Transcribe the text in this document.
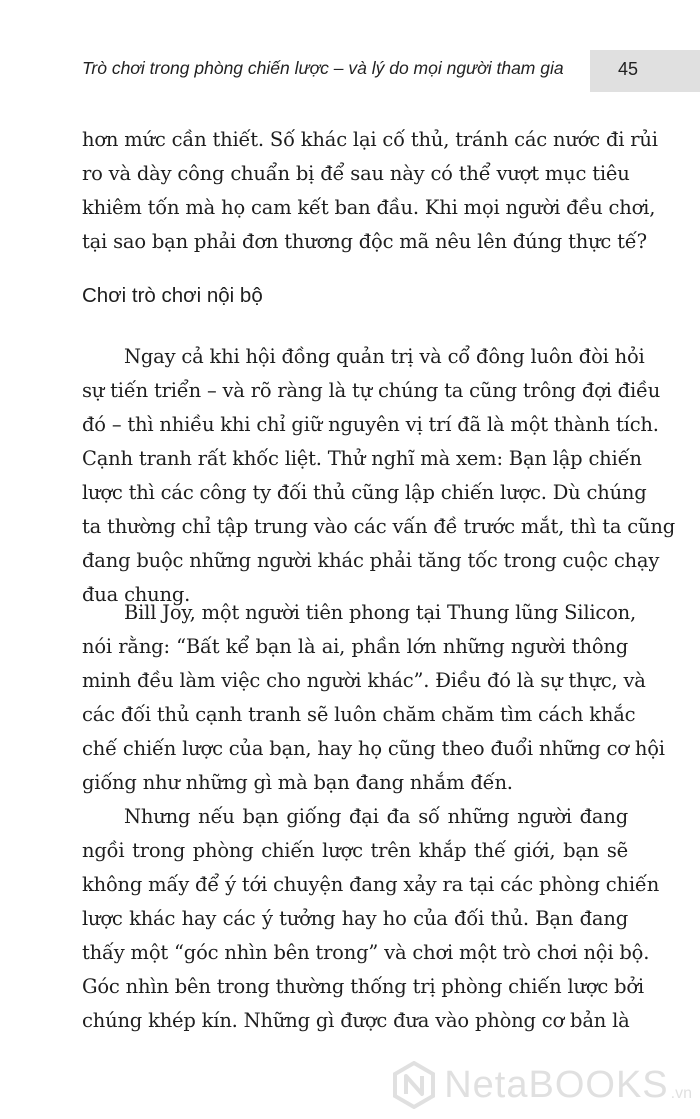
Trò chơi trong phòng chiến lược – và lý do mọi người tham gia	45
hơn mức cần thiết. Số khác lại cố thủ, tránh các nước đi rủi
ro và dày công chuẩn bị để sau này có thể vượt mục tiêu
khiêm tốn mà họ cam kết ban đầu. Khi mọi người đều chơi,
tại sao bạn phải đơn thương độc mã nêu lên đúng thực tế?
Chơi trò chơi nội bộ
Ngay cả khi hội đồng quản trị và cổ đông luôn đòi hỏi
sự tiến triển – và rõ ràng là tự chúng ta cũng trông đợi điều
đó – thì nhiều khi chỉ giữ nguyên vị trí đã là một thành tích.
Cạnh tranh rất khốc liệt. Thử nghĩ mà xem: Bạn lập chiến
lược thì các công ty đối thủ cũng lập chiến lược. Dù chúng
ta thường chỉ tập trung vào các vấn đề trước mắt, thì ta cũng
đang buộc những người khác phải tăng tốc trong cuộc chạy
đua chung.
Bill Joy, một người tiên phong tại Thung lũng Silicon,
nói rằng: “Bất kể bạn là ai, phần lớn những người thông
minh đều làm việc cho người khác”. Điều đó là sự thực, và
các đối thủ cạnh tranh sẽ luôn chăm chăm tìm cách khắc
chế chiến lược của bạn, hay họ cũng theo đuổi những cơ hội
giống như những gì mà bạn đang nhắm đến.
Nhưng nếu bạn giống đại đa số những người đang
ngồi trong phòng chiến lược trên khắp thế giới, bạn sẽ
không mấy để ý tới chuyện đang xảy ra tại các phòng chiến
lược khác hay các ý tưởng hay ho của đối thủ. Bạn đang
thấy một “góc nhìn bên trong” và chơi một trò chơi nội bộ.
Góc nhìn bên trong thường thống trị phòng chiến lược bởi
chúng khép kín. Những gì được đưa vào phòng cơ bản là
NetaBOOKS .vn
